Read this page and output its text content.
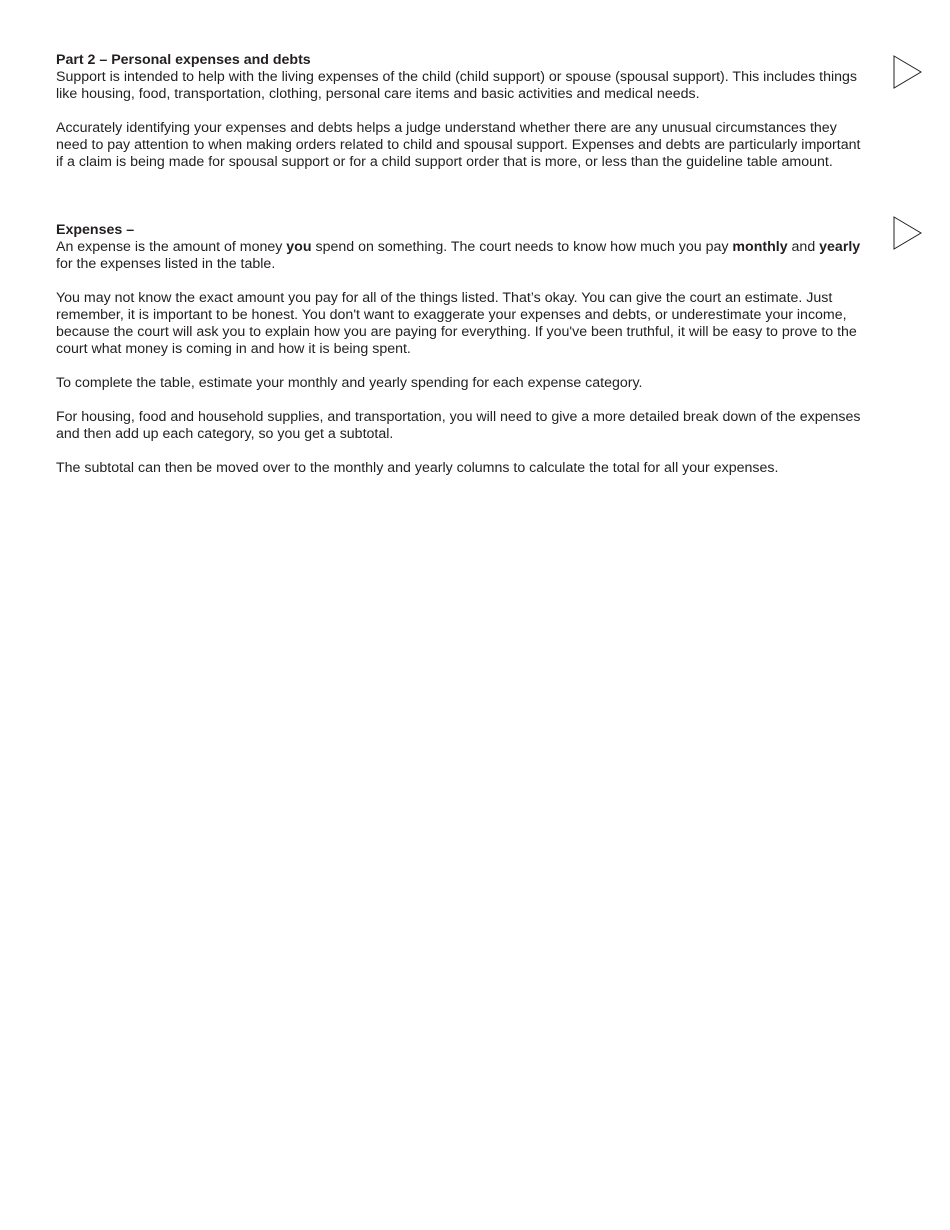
Part 2 – Personal expenses and debts

Support is intended to help with the living expenses of the child (child support) or spouse (spousal support). This includes things like housing, food, transportation, clothing, personal care items and basic activities and medical needs.

Accurately identifying your expenses and debts helps a judge understand whether there are any unusual circumstances they need to pay attention to when making orders related to child and spousal support. Expenses and debts are particularly important if a claim is being made for spousal support or for a child support order that is more, or less than the guideline table amount.

Expenses –

An expense is the amount of money you spend on something. The court needs to know how much you pay monthly and yearly for the expenses listed in the table.

You may not know the exact amount you pay for all of the things listed. That’s okay. You can give the court an estimate. Just remember, it is important to be honest. You don't want to exaggerate your expenses and debts, or underestimate your income, because the court will ask you to explain how you are paying for everything. If you've been truthful, it will be easy to prove to the court what money is coming in and how it is being spent.

To complete the table, estimate your monthly and yearly spending for each expense category.

For housing, food and household supplies, and transportation, you will need to give a more detailed break down of the expenses and then add up each category, so you get a subtotal.

The subtotal can then be moved over to the monthly and yearly columns to calculate the total for all your expenses.
